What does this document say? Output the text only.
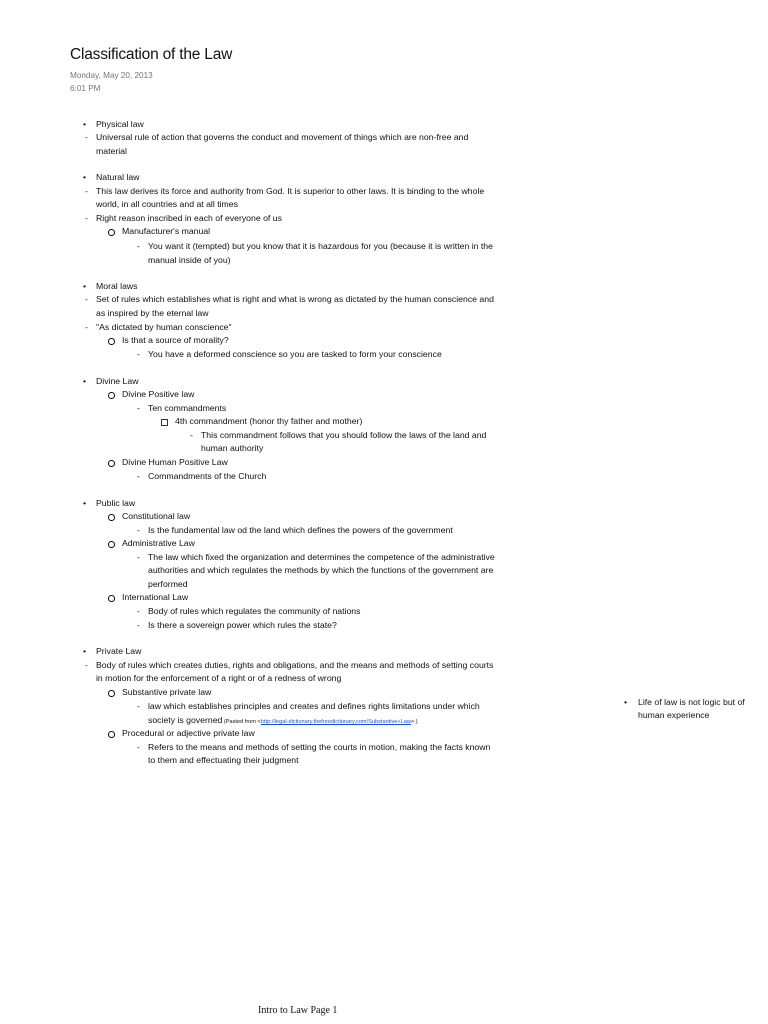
Classification of the Law
Monday, May 20, 2013
6:01 PM
• Physical law
- Universal rule of action that governs the conduct and movement of things which are non-free and
material
• Natural law
- This law derives its force and authority from God. It is superior to other laws. It is binding to the whole
world, in all countries and at all times
- Right reason inscribed in each of everyone of us
Manufacturer's manual
- You want it (tempted) but you know that it is hazardous for you (because it is written in the
manual inside of you)
• Moral laws
- Set of rules which establishes what is right and what is wrong as dictated by the human conscience and
as inspired by the eternal law
- "As dictated by human conscience"
Is that a source of morality?
- You have a deformed conscience so you are tasked to form your conscience
• Divine Law
Divine Positive law
- Ten commandments
4th commandment (honor thy father and mother)
- This commandment follows that you should follow the laws of the land and
human authority
Divine Human Positive Law
- Commandments of the Church
• Public law
Constitutional law
- Is the fundamental law od the land which defines the powers of the government
Administrative Law
- The law which fixed the organization and determines the competence of the administrative
authorities and which regulates the methods by which the functions of the government are
performed
International Law
- Body of rules which regulates the community of nations
- Is there a sovereign power which rules the state?
• Private Law
- Body of rules which creates duties, rights and obligations, and the means and methods of setting courts
in motion for the enforcement of a right or of a redness of wrong
Substantive private law
- law which establishes principles and creates and defines rights limitations under which
society is governed (Pasted from <http://legal-dictionary.thefreedictionary.com/Substantive+Law> )
Procedural or adjective private law
- Refers to the means and methods of setting the courts in motion, making the facts known
to them and effectuating their judgment
• Life of law is not logic but of
human experience
Intro to Law Page 1
